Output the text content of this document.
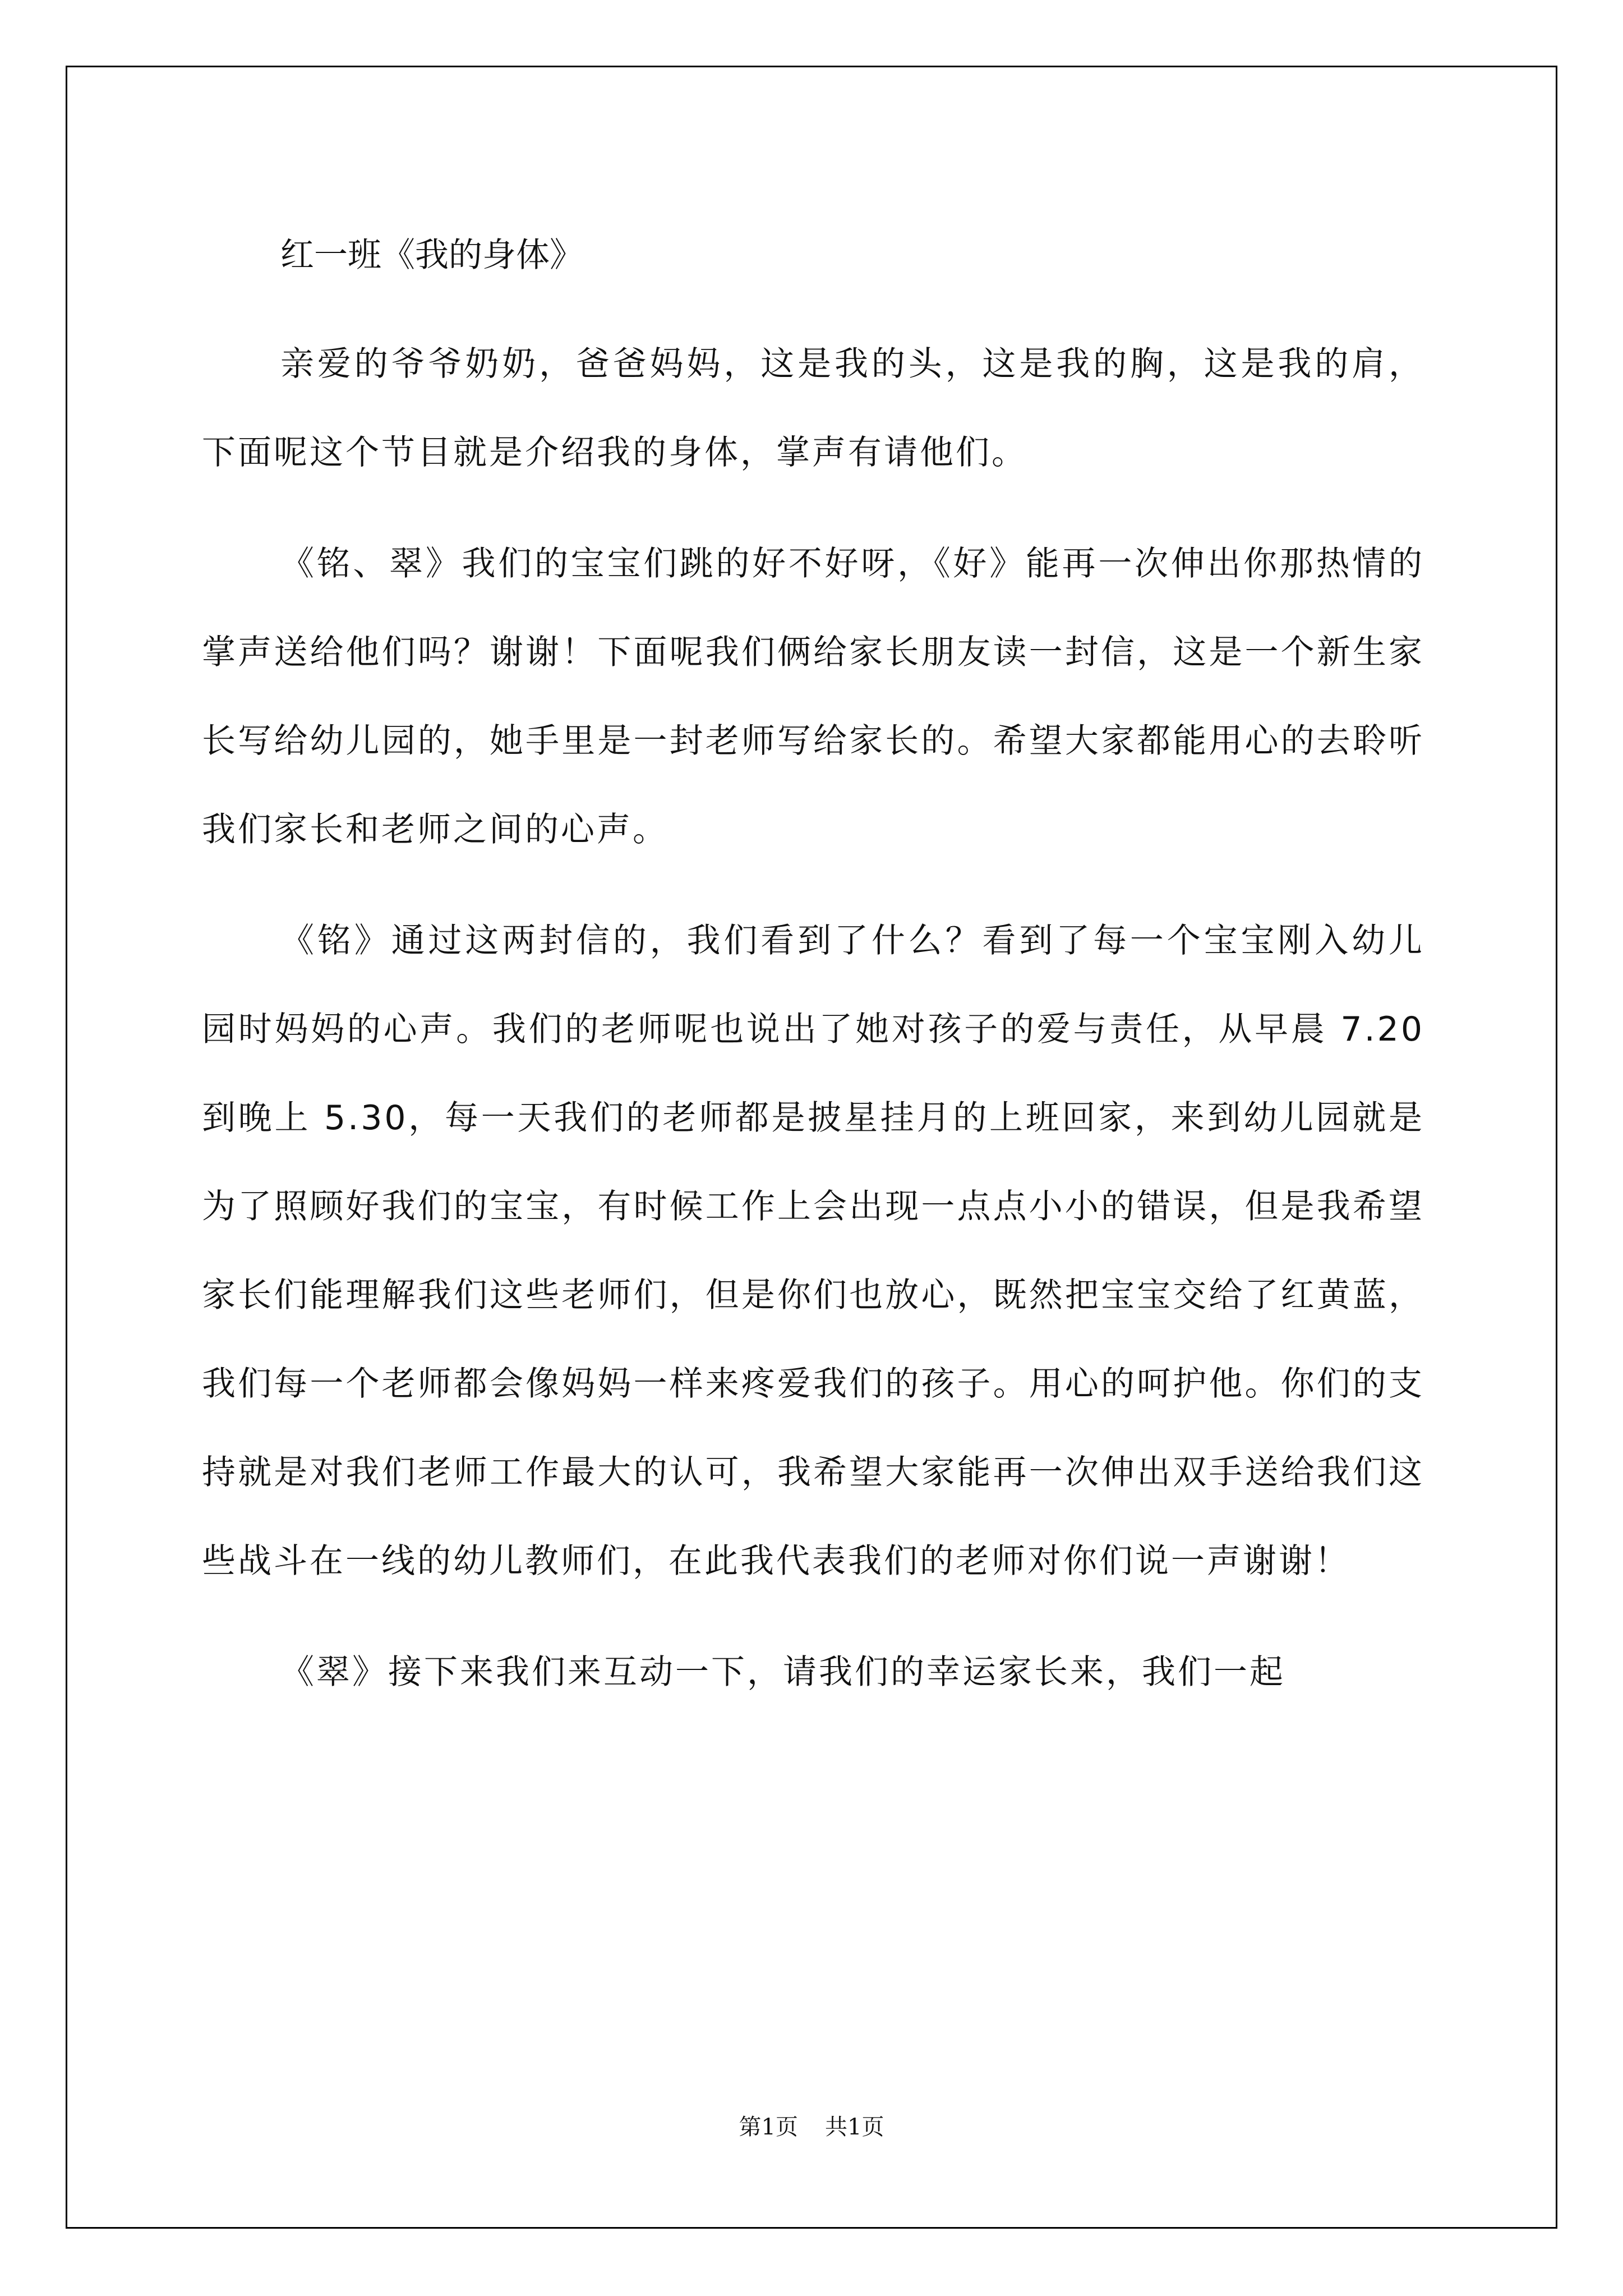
红一班《我的身体》

亲爱的爷爷奶奶，爸爸妈妈，这是我的头，这是我的胸，这是我的肩，下面呢这个节目就是介绍我的身体，掌声有请他们。

《铭、翠》我们的宝宝们跳的好不好呀，《好》能再一次伸出你那热情的掌声送给他们吗？谢谢！下面呢我们俩给家长朋友读一封信，这是一个新生家长写给幼儿园的，她手里是一封老师写给家长的。希望大家都能用心的去聆听我们家长和老师之间的心声。

《铭》通过这两封信的，我们看到了什么？看到了每一个宝宝刚入幼儿园时妈妈的心声。我们的老师呢也说出了她对孩子的爱与责任，从早晨 7.20 到晚上 5.30，每一天我们的老师都是披星挂月的上班回家，来到幼儿园就是为了照顾好我们的宝宝，有时候工作上会出现一点点小小的错误，但是我希望家长们能理解我们这些老师们，但是你们也放心，既然把宝宝交给了红黄蓝，我们每一个老师都会像妈妈一样来疼爱我们的孩子。用心的呵护他。你们的支持就是对我们老师工作最大的认可，我希望大家能再一次伸出双手送给我们这些战斗在一线的幼儿教师们，在此我代表我们的老师对你们说一声谢谢！

《翠》接下来我们来互动一下，请我们的幸运家长来，我们一起

第1页 共1页
